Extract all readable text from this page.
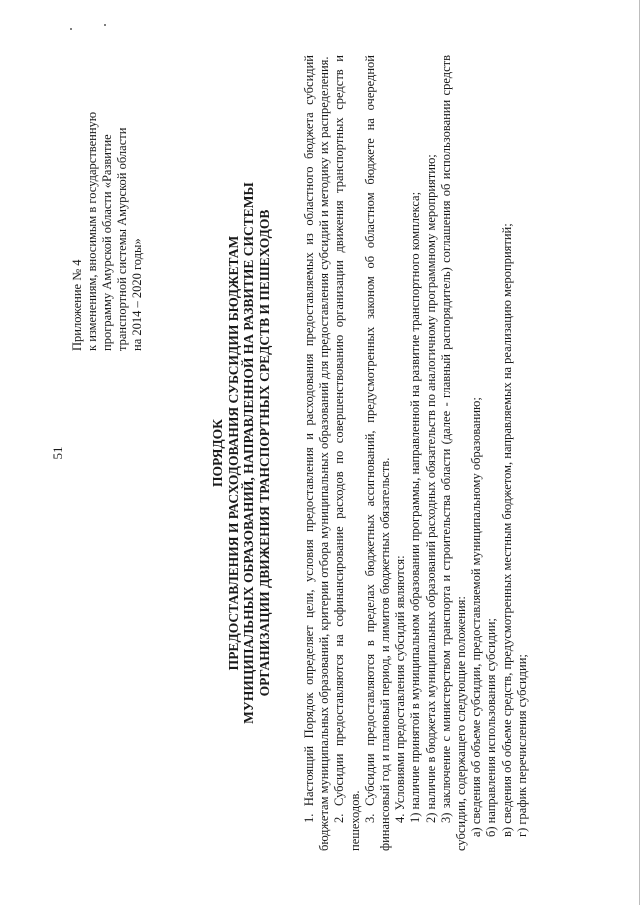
51
Приложение № 4 к изменениям, вносимым в государственную программу Амурской области «Развитие транспортной системы Амурской области на 2014 – 2020 годы»
ПОРЯДОК ПРЕДОСТАВЛЕНИЯ И РАСХОДОВАНИЯ СУБСИДИИ БЮДЖЕТАМ МУНИЦИПАЛЬНЫХ ОБРАЗОВАНИЙ, НАПРАВЛЕННОЙ НА РАЗВИТИЕ СИСТЕМЫ ОРГАНИЗАЦИИ ДВИЖЕНИЯ ТРАНСПОРТНЫХ СРЕДСТВ И ПЕШЕХОДОВ 1. Настоящий Порядок определяет цели, условия предоставления и расходования предоставляемых из областного бюджета субсидий бюджетам муниципальных образований, критерии отбора муниципальных образований для предоставления субсидий и методику их распределения. 2. Субсидии предоставляются на софинансирование расходов по совершенствованию организации движения транспортных средств и пешеходов. 3. Субсидии предоставляются в пределах бюджетных ассигнований, предусмотренных законом об областном бюджете на очередной финансовый год и плановый период, и лимитов бюджетных обязательств. 4. Условиями предоставления субсидий являются: 1) наличие принятой в муниципальном образовании программы, направленной на развитие транспортного комплекса; 2) наличие в бюджетах муниципальных образований расходных обязательств по аналогичному программному мероприятию; 3) заключение с министерством транспорта и строительства области (далее - главный распорядитель) соглашения об использовании средств субсидии, содержащего следующие положения: а) сведения об объеме субсидии, предоставляемой муниципальному образованию; б) направления использования субсидии; в) сведения об объеме средств, предусмотренных местным бюджетом, направляемых на реализацию мероприятий; г) график перечисления субсидии;
